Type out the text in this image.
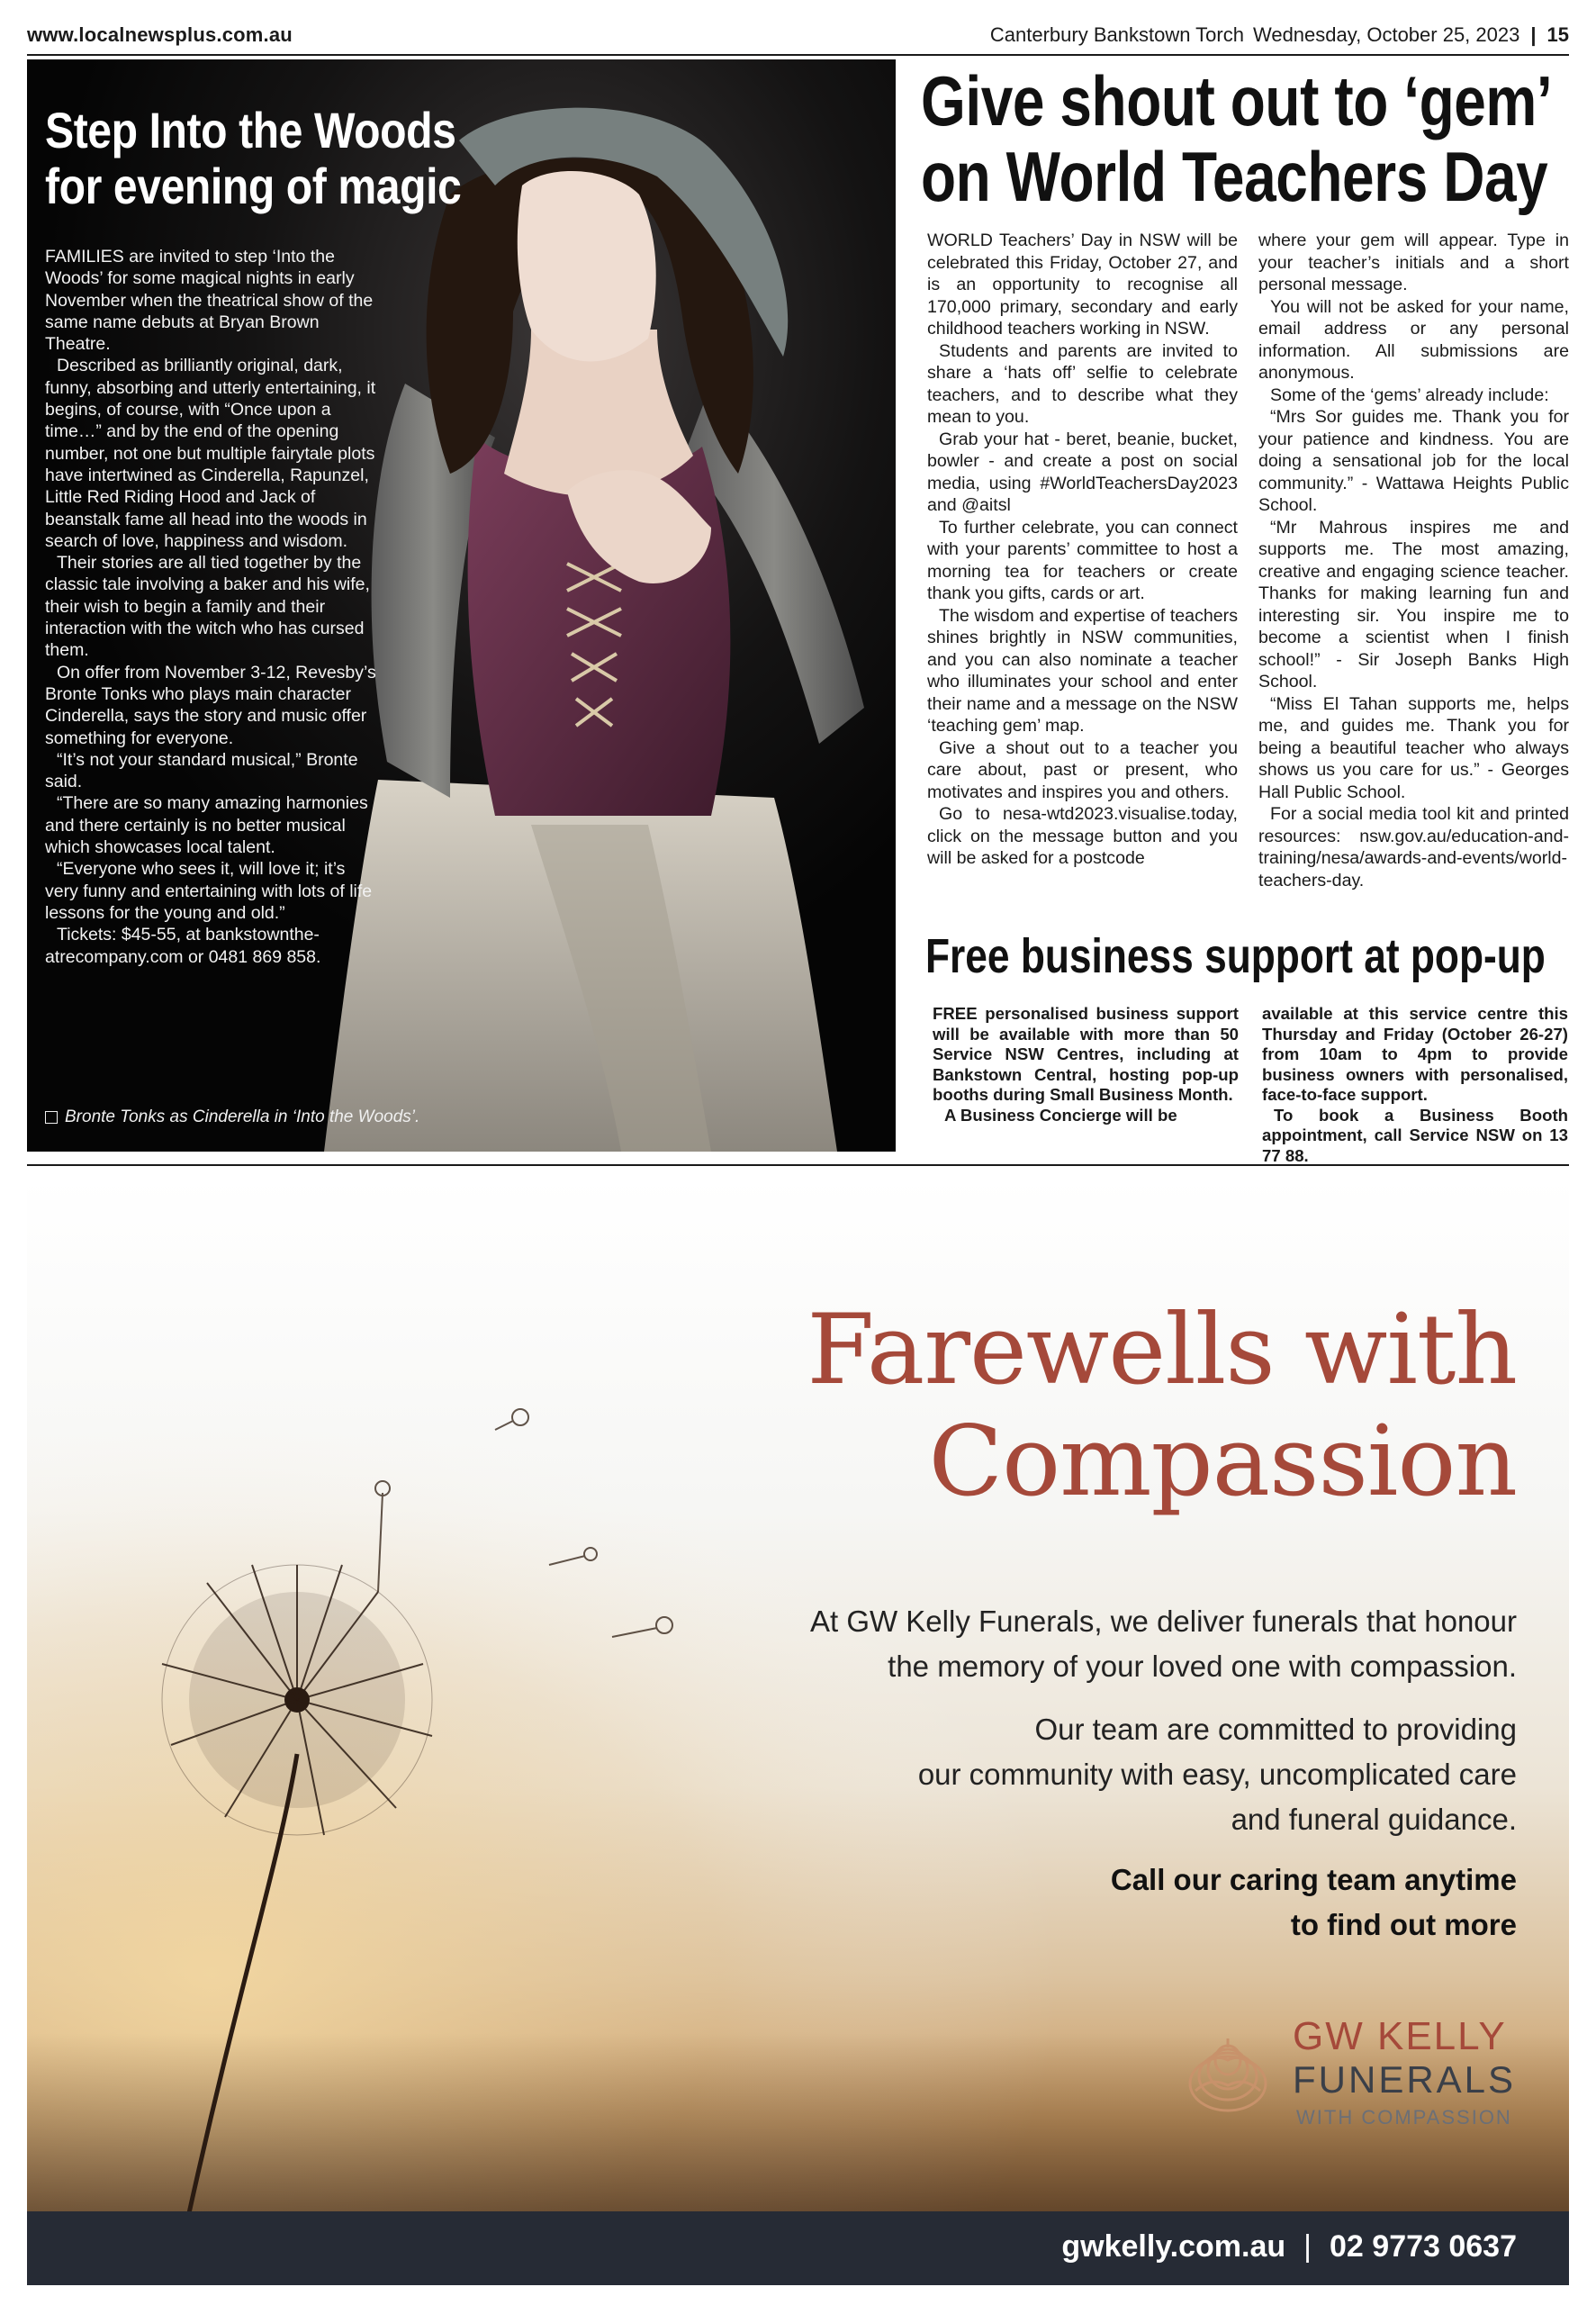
www.localnewsplus.com.au	Canterbury Bankstown Torch Wednesday, October 25, 2023 | 15
Step Into the Woods
for evening of magic

FAMILIES are invited to step ‘Into the Woods’ for some magical nights in early November when the theatrical show of the same name debuts at Bryan Brown Theatre.

Described as brilliantly original, dark, funny, absorbing and utterly entertaining, it begins, of course, with “Once upon a time…” and by the end of the opening number, not one but multiple fairytale plots have intertwined as Cinderella, Rapunzel, Little Red Riding Hood and Jack of beanstalk fame all head into the woods in search of love, happiness and wisdom.

Their stories are all tied together by the classic tale involving a baker and his wife, their wish to begin a family and their interaction with the witch who has cursed them.

On offer from November 3-12, Revesby’s Bronte Tonks who plays main character Cinderella, says the story and music offer something for everyone.

“It’s not your standard musical,” Bronte said.

“There are so many amazing harmonies and there certainly is no better musical which showcases local talent.

“Everyone who sees it, will love it; it’s very funny and entertaining with lots of life lessons for the young and old.”

Tickets: $45-55, at bankstownthe-atrecompany.com or 0481 869 858.

Bronte Tonks as Cinderella in ‘Into the Woods’.
Give shout out to ‘gem’
on World Teachers Day

WORLD Teachers’ Day in NSW will be celebrated this Friday, October 27, and is an opportunity to recognise all 170,000 primary, secondary and early childhood teachers working in NSW.

Students and parents are invited to share a ‘hats off’ selfie to celebrate teachers, and to describe what they mean to you.

Grab your hat - beret, beanie, bucket, bowler - and create a post on social media, using #WorldTeachersDay2023 and @aitsl

To further celebrate, you can connect with your parents’ committee to host a morning tea for teachers or create thank you gifts, cards or art.

The wisdom and expertise of teachers shines brightly in NSW communities, and you can also nominate a teacher who illuminates your school and enter their name and a message on the NSW ‘teaching gem’ map.

Give a shout out to a teacher you care about, past or present, who motivates and inspires you and others.

Go to nesa-wtd2023.visualise.today, click on the message button and you will be asked for a postcode

where your gem will appear. Type in your teacher’s initials and a short personal message.

You will not be asked for your name, email address or any personal information. All submissions are anonymous.

Some of the ‘gems’ already include:

“Mrs Sor guides me. Thank you for your patience and kindness. You are doing a sensational job for the local community.” - Wattawa Heights Public School.

“Mr Mahrous inspires me and supports me. The most amazing, creative and engaging science teacher. Thanks for making learning fun and interesting sir. You inspire me to become a scientist when I finish school!” - Sir Joseph Banks High School.

“Miss El Tahan supports me, helps me, and guides me. Thank you for being a beautiful teacher who always shows us you care for us.” - Georges Hall Public School.

For a social media tool kit and printed resources: nsw.gov.au/education-and-training/nesa/awards-and-events/world-teachers-day.

Free business support at pop-up

FREE personalised business support will be available with more than 50 Service NSW Centres, including at Bankstown Central, hosting pop-up booths during Small Business Month.

A Business Concierge will be

available at this service centre this Thursday and Friday (October 26-27) from 10am to 4pm to provide business owners with personalised, face-to-face support.

To book a Business Booth appointment, call Service NSW on 13 77 88.

Farewells with
Compassion
At GW Kelly Funerals, we deliver funerals that honour
the memory of your loved one with compassion.
Our team are committed to providing
our community with easy, uncomplicated care
and funeral guidance.
Call our caring team anytime
to find out more
GW KELLY
FUNERALS
WITH COMPASSION
gwkelly.com.au | 02 9773 0637
